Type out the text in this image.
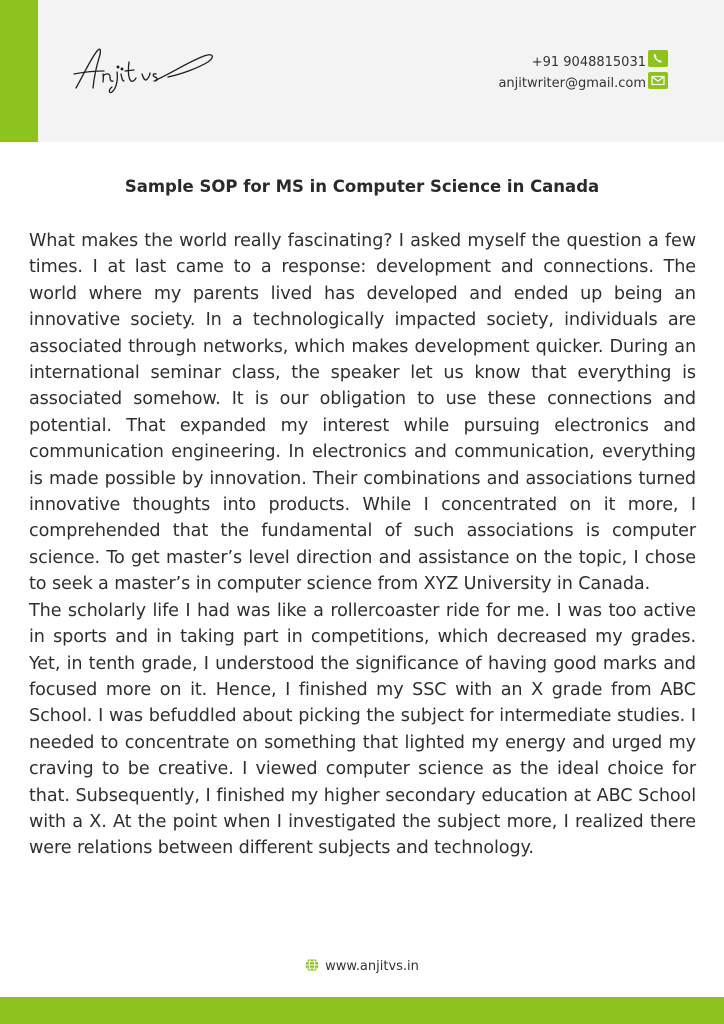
+91 9048815031
anjitwriter@gmail.com
Sample SOP for MS in Computer Science in Canada

What makes the world really fascinating? I asked myself the question a few times. I at last came to a response: development and connections. The world where my parents lived has developed and ended up being an innovative society. In a technologically impacted society, individuals are associated through networks, which makes development quicker. During an international seminar class, the speaker let us know that everything is associated somehow. It is our obligation to use these connections and potential. That expanded my interest while pursuing electronics and communication engineering. In electronics and communication, everything is made possible by innovation. Their combinations and associations turned innovative thoughts into products. While I concentrated on it more, I comprehended that the fundamental of such associations is computer science. To get master’s level direction and assistance on the topic, I chose to seek a master’s in computer science from XYZ University in Canada.

The scholarly life I had was like a rollercoaster ride for me. I was too active in sports and in taking part in competitions, which decreased my grades. Yet, in tenth grade, I understood the significance of having good marks and focused more on it. Hence, I finished my SSC with an X grade from ABC School. I was befuddled about picking the subject for intermediate studies. I needed to concentrate on something that lighted my energy and urged my craving to be creative. I viewed computer science as the ideal choice for that. Subsequently, I finished my higher secondary education at ABC School with a X. At the point when I investigated the subject more, I realized there were relations between different subjects and technology.

www.anjitvs.in
